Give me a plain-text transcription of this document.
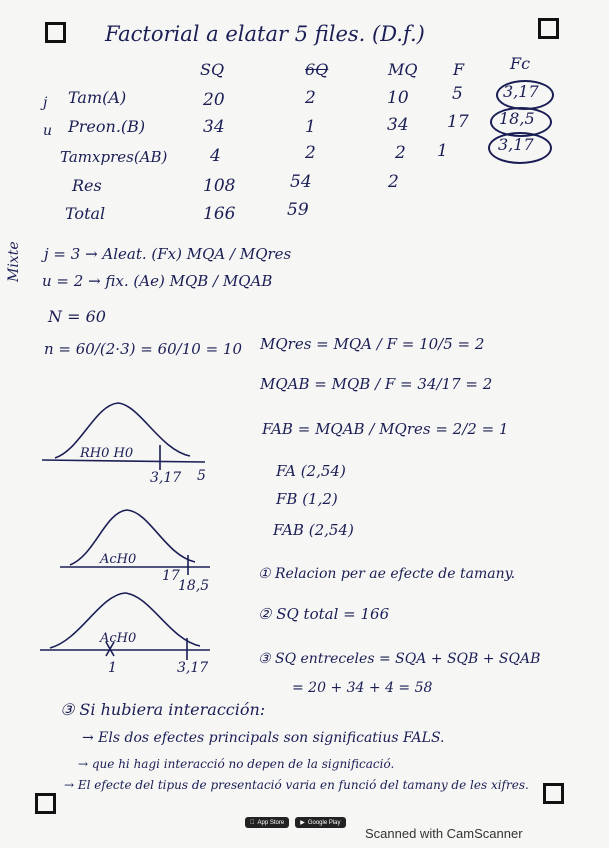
Factorial a elatar 5 files. (D.f.)
SQ	6Q	MQ F	Fc
j Tam(A)	20	2	10	5	3,17
u Preon.(B)	34	1	34 17 18,5
Tamxpres(AB)	4	2	2 1	3,17
Res	108	54	2
Total	166	59
Mixte j = 3 → Aleat. (Fx) MQA / MQres
u = 2 → fix. (Ae) MQB / MQAB
N = 60
n = 60/(2·3) = 60/10 = 10 MQres = MQA / F = 10/5 = 2
MQAB = MQB / F = 34/17 = 2
FAB = MQAB / MQres = 2/2 = 1
FA (2,54)
FB (1,2)
FAB (2,54)
RH0 H0
3,17 5
AcH0
17
18,5
AcH0
3,17
1
① Relacion per ae efecte de tamany.
② SQ total = 166
③ SQ entreceles = SQA + SQB + SQAB
= 20 + 34 + 4 = 58
③ Si hubiera interacción:
→ Els dos efectes principals son significatius FALS.
→ que hi hagi interacció no depen de la significació.
→ El efecte del tipus de presentació varia en funció del tamany de les xifres.
App Store	▶ Google Play
Scanned with CamScanner
